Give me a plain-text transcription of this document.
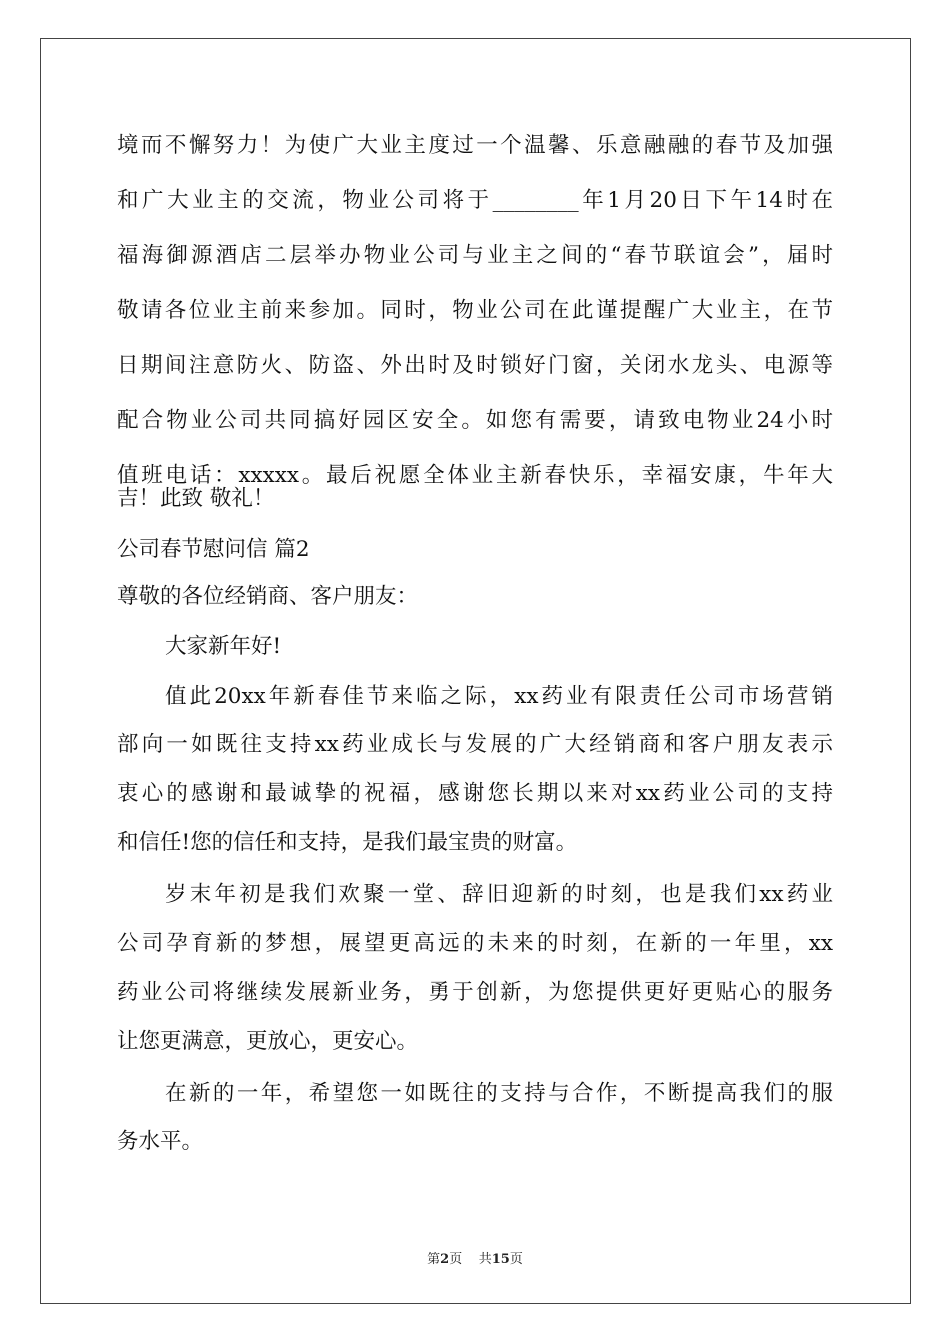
境而不懈努力！为使广大业主度过一个温馨、乐意融融的春节及加强
和广大业主的交流，物业公司将于________年1月20日下午14时在
福海御源酒店二层举办物业公司与业主之间的“春节联谊会”，届时
敬请各位业主前来参加。同时，物业公司在此谨提醒广大业主，在节
日期间注意防火、防盗、外出时及时锁好门窗，关闭水龙头、电源等
配合物业公司共同搞好园区安全。如您有需要，请致电物业24小时
值班电话：xxxxx。最后祝愿全体业主新春快乐，幸福安康，牛年大
吉！此致 敬礼！
公司春节慰问信 篇2
尊敬的各位经销商、客户朋友：
大家新年好!
值此20xx年新春佳节来临之际，xx药业有限责任公司市场营销
部向一如既往支持xx药业成长与发展的广大经销商和客户朋友表示
衷心的感谢和最诚挚的祝福，感谢您长期以来对xx药业公司的支持
和信任!您的信任和支持，是我们最宝贵的财富。
岁末年初是我们欢聚一堂、辞旧迎新的时刻，也是我们xx药业
公司孕育新的梦想，展望更高远的未来的时刻，在新的一年里，xx
药业公司将继续发展新业务，勇于创新，为您提供更好更贴心的服务
让您更满意，更放心，更安心。
在新的一年，希望您一如既往的支持与合作，不断提高我们的服
务水平。
第2页 共15页
